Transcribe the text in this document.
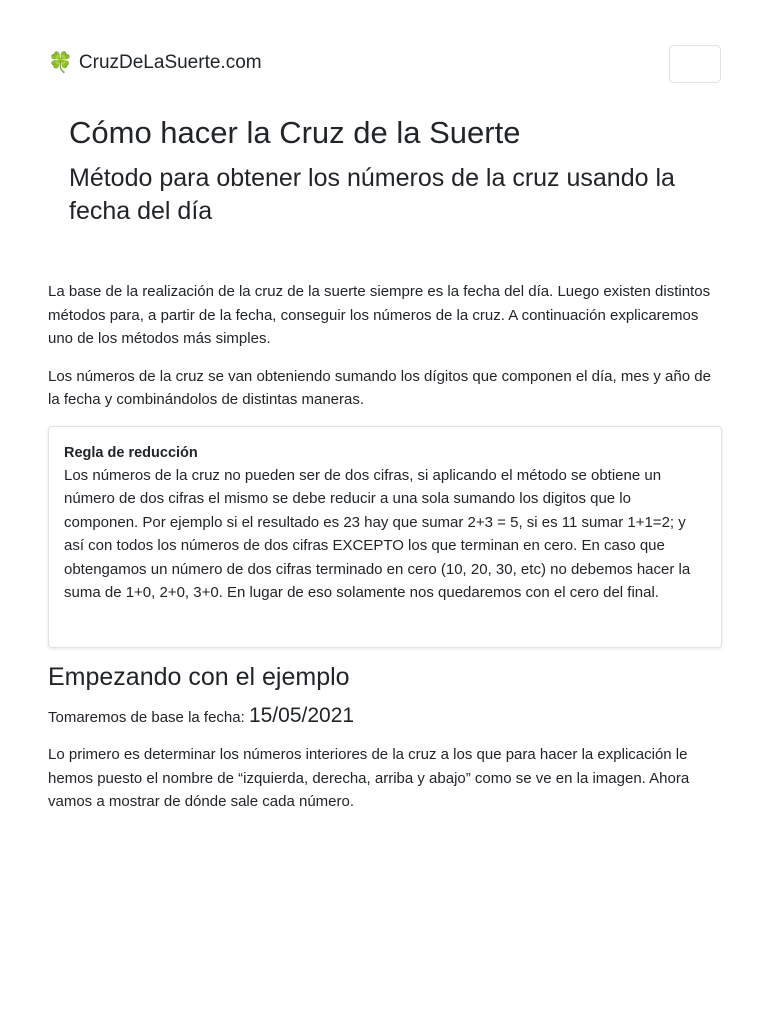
🍀 CruzDeLaSuerte.com
Cómo hacer la Cruz de la Suerte
Método para obtener los números de la cruz usando la fecha del día

La base de la realización de la cruz de la suerte siempre es la fecha del día. Luego existen distintos métodos para, a partir de la fecha, conseguir los números de la cruz. A continuación explicaremos uno de los métodos más simples.

Los números de la cruz se van obteniendo sumando los dígitos que componen el día, mes y año de la fecha y combinándolos de distintas maneras.

Regla de reducción

Los números de la cruz no pueden ser de dos cifras, si aplicando el método se obtiene un número de dos cifras el mismo se debe reducir a una sola sumando los digitos que lo componen. Por ejemplo si el resultado es 23 hay que sumar 2+3 = 5, si es 11 sumar 1+1=2; y así con todos los números de dos cifras EXCEPTO los que terminan en cero. En caso que obtengamos un número de dos cifras terminado en cero (10, 20, 30, etc) no debemos hacer la suma de 1+0, 2+0, 3+0. En lugar de eso solamente nos quedaremos con el cero del final.

Empezando con el ejemplo

Tomaremos de base la fecha: 15/05/2021

Lo primero es determinar los números interiores de la cruz a los que para hacer la explicación le hemos puesto el nombre de “izquierda, derecha, arriba y abajo” como se ve en la imagen. Ahora vamos a mostrar de dónde sale cada número.
